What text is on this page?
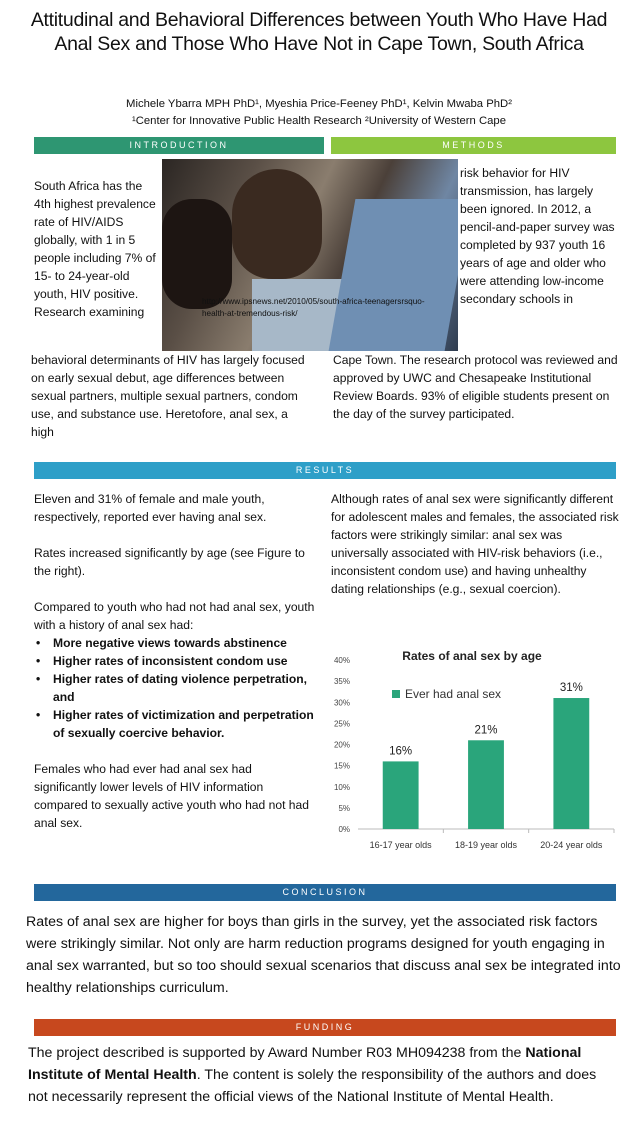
Attitudinal and Behavioral Differences between Youth Who Have Had Anal Sex and Those Who Have Not in Cape Town, South Africa
Michele Ybarra MPH PhD¹, Myeshia Price-Feeney PhD¹, Kelvin Mwaba PhD²
¹Center for Innovative Public Health Research ²University of Western Cape
INTRODUCTION	METHODS
South Africa has the 4th highest prevalence rate of HIV/AIDS globally, with 1 in 5 people including 7% of 15- to 24-year-old youth, HIV positive. Research examining
http://www.ipsnews.net/2010/05/south-africa-teenagersrsquo-health-at-tremendous-risk/
risk behavior for HIV transmission, has largely been ignored. In 2012, a pencil-and-paper survey was completed by 937 youth 16 years of age and older who were attending low-income secondary schools in
behavioral determinants of HIV has largely focused on early sexual debut, age differences between sexual partners, multiple sexual partners, condom use, and substance use. Heretofore, anal sex, a high
Cape Town. The research protocol was reviewed and approved by UWC and Chesapeake Institutional Review Boards. 93% of eligible students present on the day of the survey participated.
RESULTS

Eleven and 31% of female and male youth, respectively, reported ever having anal sex.

Rates increased significantly by age (see Figure to the right).

Compared to youth who had not had anal sex, youth with a history of anal sex had:
• More negative views towards abstinence
• Higher rates of inconsistent condom use
• Higher rates of dating violence perpetration, and
• Higher rates of victimization and perpetration of sexually coercive behavior.

Females who had ever had anal sex had significantly lower levels of HIV information compared to sexually active youth who had not had anal sex.

Although rates of anal sex were significantly different for adolescent males and females, the associated risk factors were strikingly similar: anal sex was universally associated with HIV-risk behaviors (i.e., inconsistent condom use) and having unhealthy dating relationships (e.g., sexual coercion).
Rates of anal sex by age
0%
5%
10%
15%
20%
25%
30%
35%
40%
16%
16-17 year olds
21%
18-19 year olds
31%
20-24 year olds
Ever had anal sex
CONCLUSION
Rates of anal sex are higher for boys than girls in the survey, yet the associated risk factors were strikingly similar. Not only are harm reduction programs designed for youth engaging in anal sex warranted, but so too should sexual scenarios that discuss anal sex be integrated into healthy relationships curriculum.
FUNDING
The project described is supported by Award Number R03 MH094238 from the National Institute of Mental Health. The content is solely the responsibility of the authors and does not necessarily represent the official views of the National Institute of Mental Health.
